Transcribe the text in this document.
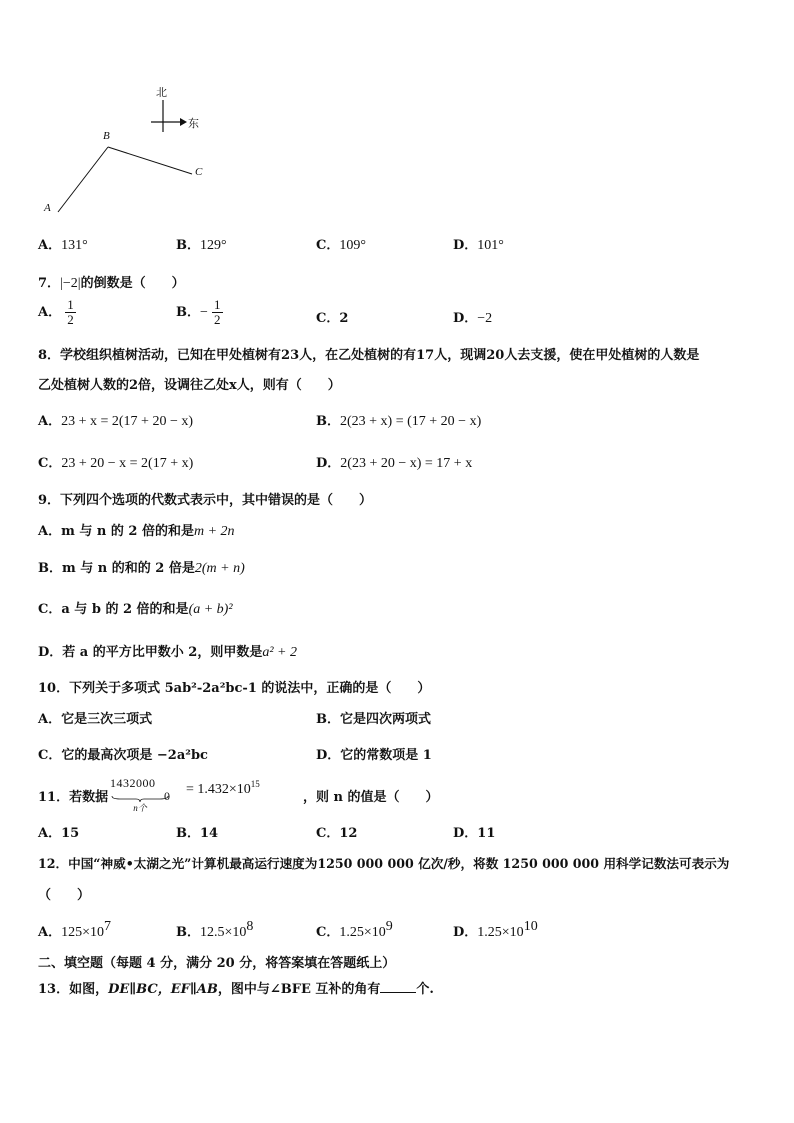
北
东
A
B
C
A．131°	B．129°	C．109°	D．101°
7．|−2|的倒数是（　　）
A． $\frac{1}{2}$	B．− $\frac{1}{2}$	C．2	D．−2
8．学校组织植树活动，已知在甲处植树有23人，在乙处植树的有17人，现调20人去支援，使在甲处植树的人数是
乙处植树人数的2倍，设调往乙处x人，则有（　　）
A．23 + x = 2(17 + 20 − x)	B．2(23 + x) = (17 + 20 − x)
C．23 + 20 − x = 2(17 + x)	D．2(23 + 20 − x) = 17 + x
9．下列四个选项的代数式表示中，其中错误的是（　　）
A．m 与 n 的 2 倍的和是m + 2n
B．m 与 n 的和的 2 倍是2(m + n)
C．a 与 b 的 2 倍的和是(a + b)²
D．若 a 的平方比甲数小 2，则甲数是a² + 2
10．下列关于多项式 5ab²-2a²bc-1 的说法中，正确的是（　　）
A．它是三次三项式	B．它是四次两项式
C．它的最高次项是 −2a²bc	D．它的常数项是 1
11．若数据
1432000
0
n个
= $1.432\times 10^{15}$
，则 n 的值是（　　）
A．15	B．14	C．12	D．11
12．中国“神威•太湖之光”计算机最高运行速度为1250 000 000 亿次/秒，将数 1250 000 000 用科学记数法可表示为
（　　）
A．$125\times 10^7$	B．$12.5\times 10^8$	C．$1.25\times 10^9$	D．$1.25\times 10^{10}$
二、填空题（每题 4 分，满分 20 分，将答案填在答题纸上）
13．如图，DE∥BC，EF∥AB，图中与∠BFE 互补的角有	个.
